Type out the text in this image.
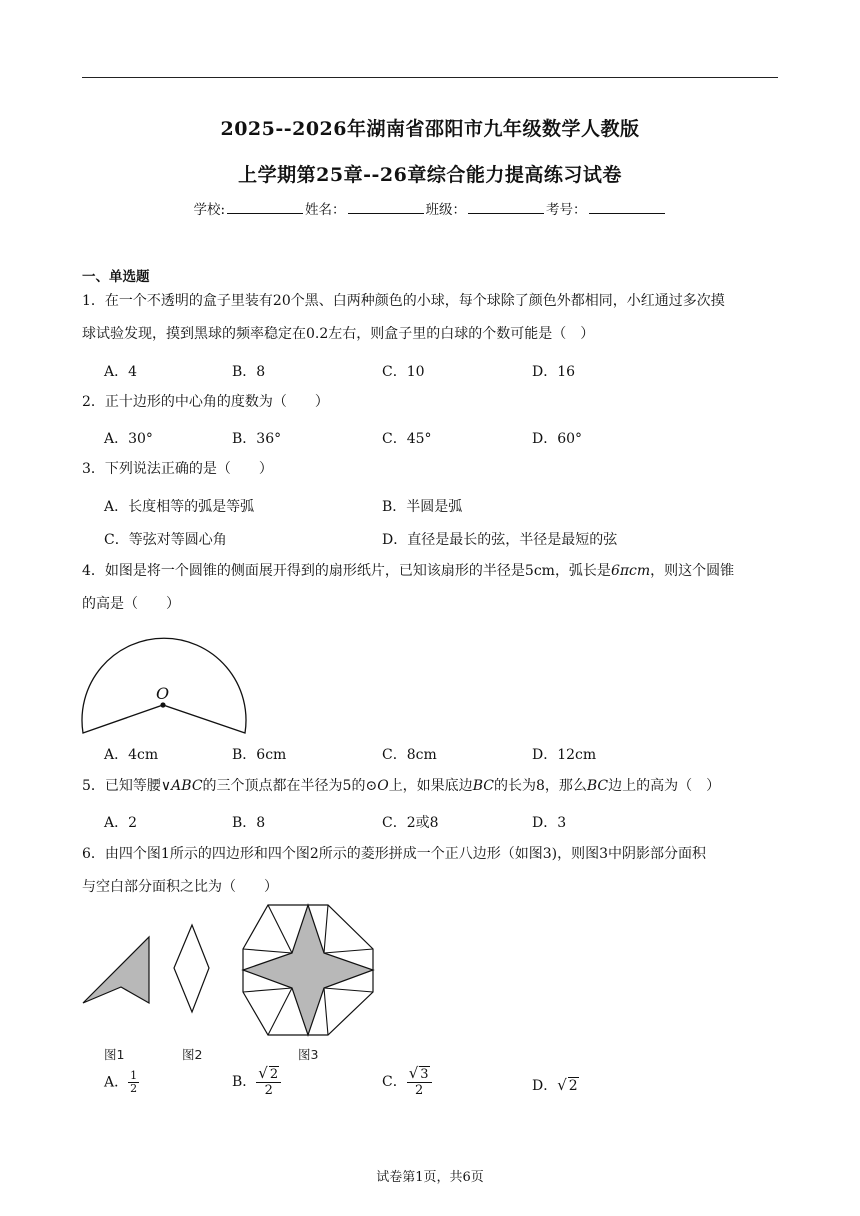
2025--2026年湖南省邵阳市九年级数学人教版
上学期第25章--26章综合能力提高练习试卷
学校:	姓名：	班级：	考号：
一、单选题
1．在一个不透明的盒子里装有20个黑、白两种颜色的小球，每个球除了颜色外都相同，小红通过多次摸
球试验发现，摸到黑球的频率稳定在0.2左右，则盒子里的白球的个数可能是（　）
A．4	B．8	C．10	D．16
2．正十边形的中心角的度数为（　　）
A．30°	B．36°	C．45°	D．60°
3．下列说法正确的是（　　）
A．长度相等的弧是等弧	B．半圆是弧
C．等弦对等圆心角	D．直径是最长的弦，半径是最短的弦
4．如图是将一个圆锥的侧面展开得到的扇形纸片，已知该扇形的半径是5cm，弧长是6πcm，则这个圆锥
的高是（　　）
O
A．4cm	B．6cm	C．8cm	D．12cm
5．已知等腰∨ABC的三个顶点都在半径为5的⊙O上，如果底边BC的长为8，那么BC边上的高为（　）
A．2	B．8	C．2或8	D．3
6．由四个图1所示的四边形和四个图2所示的菱形拼成一个正八边形（如图3)，则图3中阴影部分面积
与空白部分面积之比为（　　）
图1	图2	图3
A． $\frac{1}{2}$	B． $\frac{√ 2}{2}$	C． $\frac{√ 3}{2}$	D．√ 2
试卷第1页，共6页
